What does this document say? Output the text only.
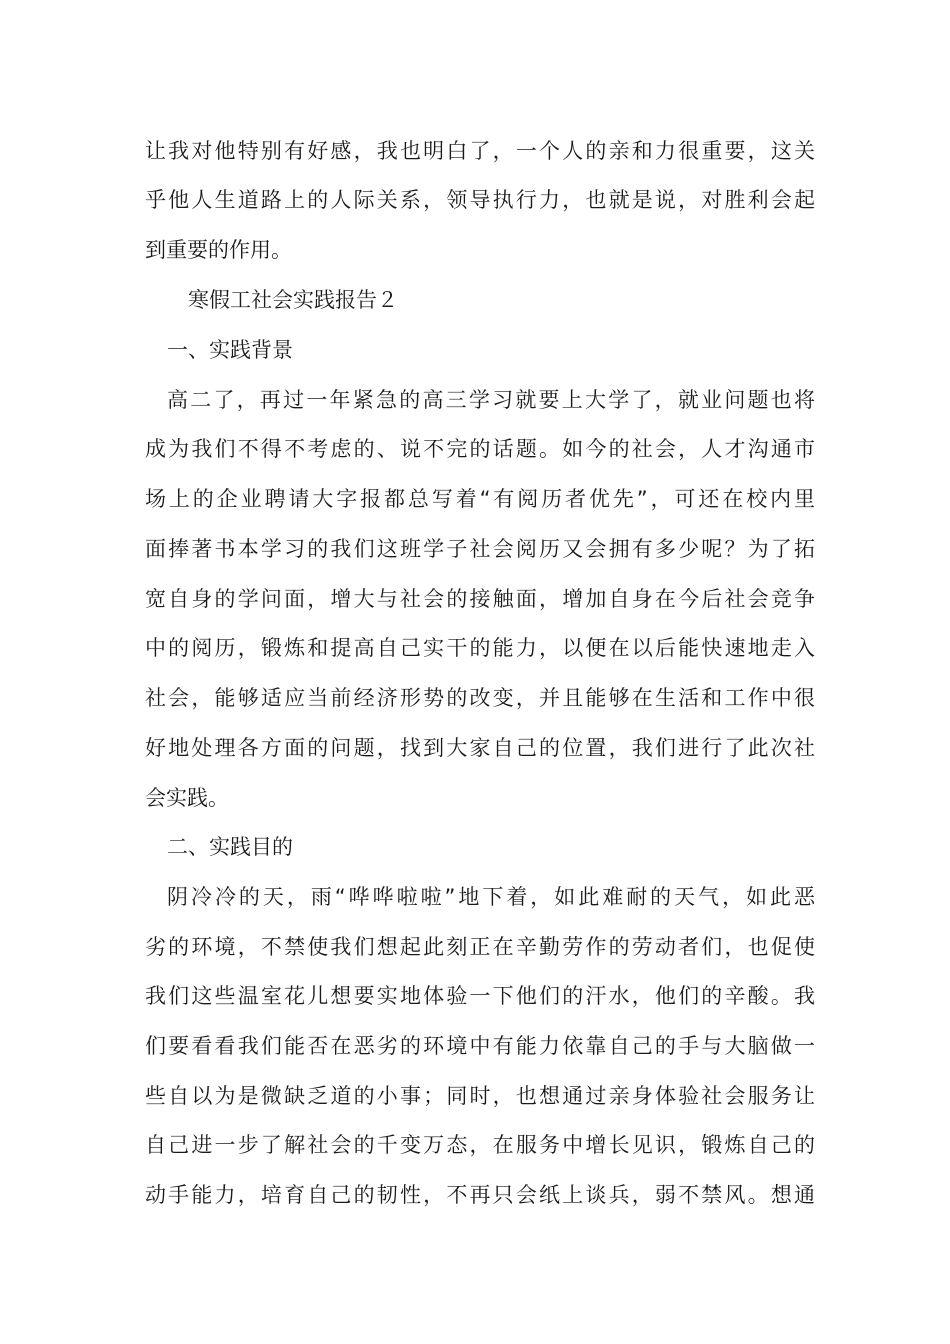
让我对他特别有好感，我也明白了，一个人的亲和力很重要，这关
乎他人生道路上的人际关系，领导执行力，也就是说，对胜利会起
到重要的作用。
寒假工社会实践报告２
一、实践背景
高二了，再过一年紧急的高三学习就要上大学了，就业问题也将
成为我们不得不考虑的、说不完的话题。如今的社会，人才沟通市
场上的企业聘请大字报都总写着“有阅历者优先”，可还在校内里
面捧著书本学习的我们这班学子社会阅历又会拥有多少呢？为了拓
宽自身的学问面，增大与社会的接触面，增加自身在今后社会竞争
中的阅历，锻炼和提高自己实干的能力，以便在以后能快速地走入
社会，能够适应当前经济形势的改变，并且能够在生活和工作中很
好地处理各方面的问题，找到大家自己的位置，我们进行了此次社
会实践。
二、实践目的
阴冷冷的天，雨“哗哗啦啦”地下着，如此难耐的天气，如此恶
劣的环境，不禁使我们想起此刻正在辛勤劳作的劳动者们，也促使
我们这些温室花儿想要实地体验一下他们的汗水，他们的辛酸。我
们要看看我们能否在恶劣的环境中有能力依靠自己的手与大脑做一
些自以为是微缺乏道的小事；同时，也想通过亲身体验社会服务让
自己进一步了解社会的千变万态，在服务中增长见识，锻炼自己的
动手能力，培育自己的韧性，不再只会纸上谈兵，弱不禁风。想通
